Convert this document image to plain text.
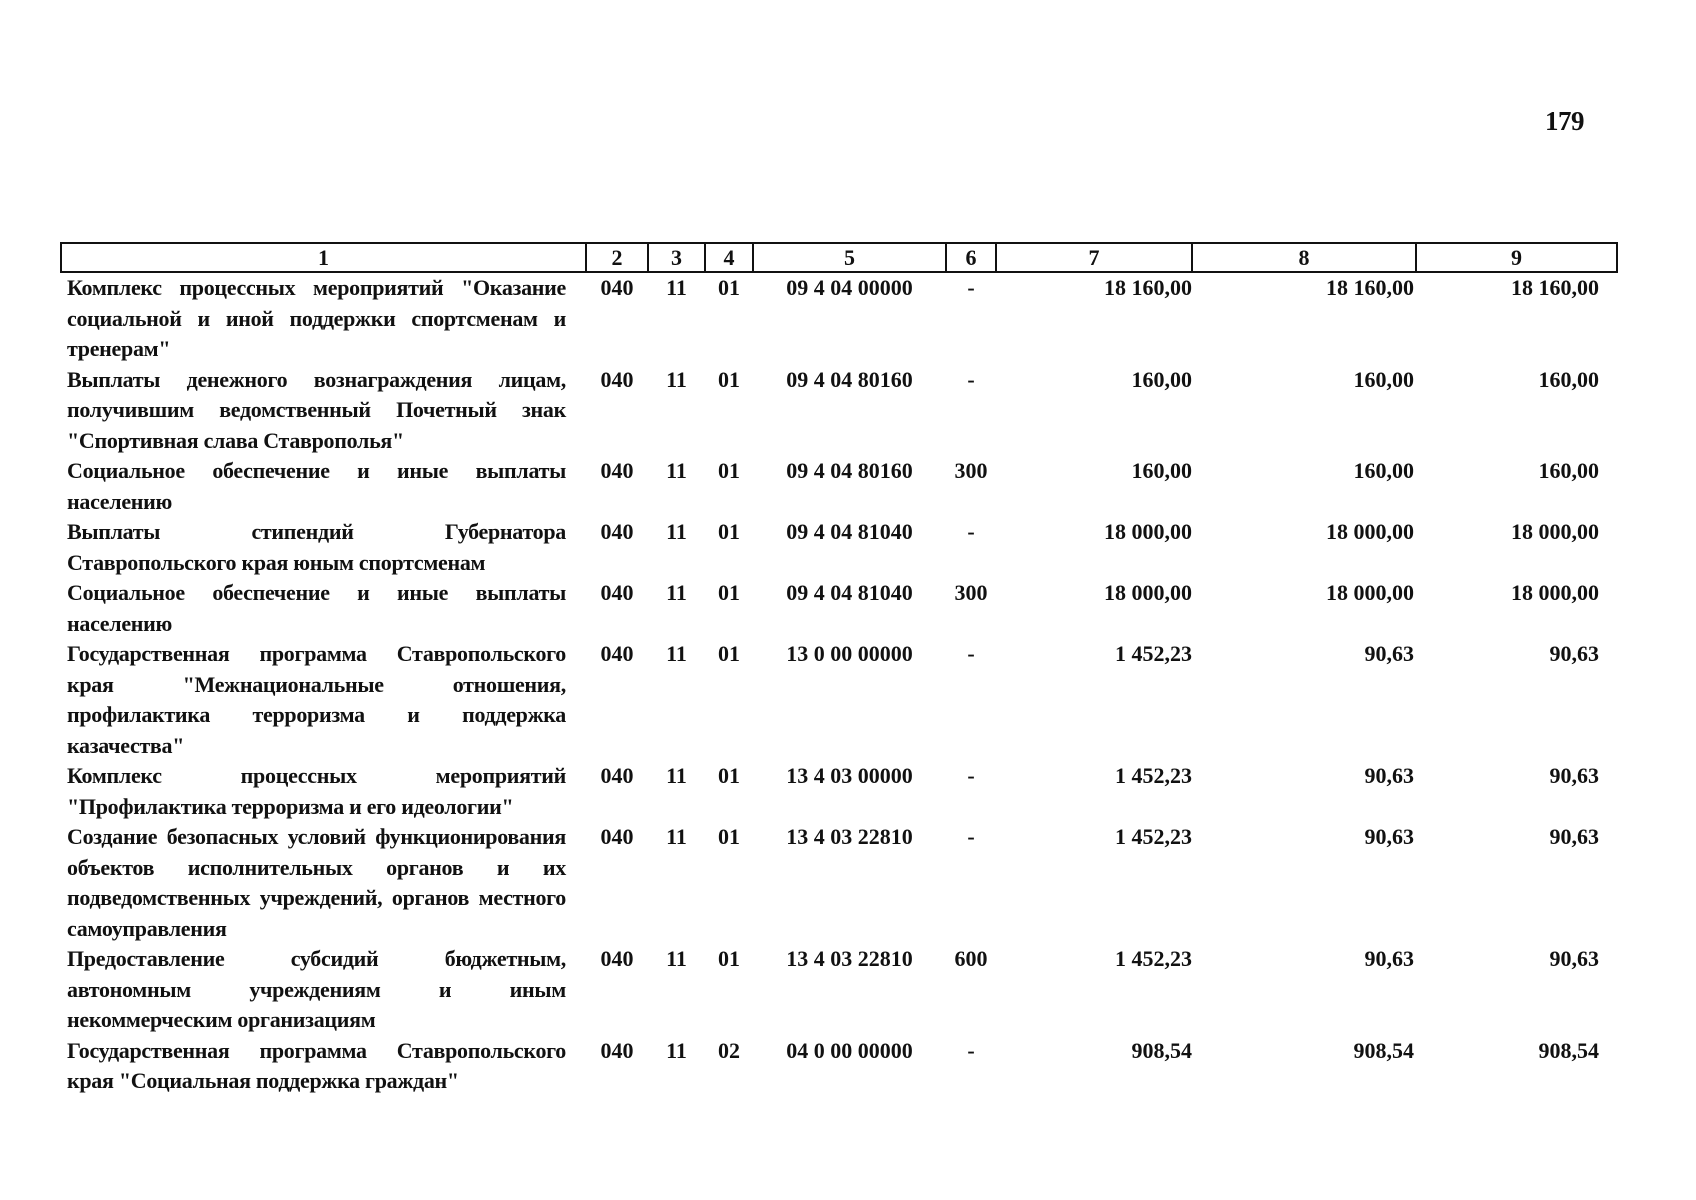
179
1	2	3	4	5	6	7	8	9
Комплекс процессных мероприятий "Оказание социальной и иной поддержки спортсменам и тренерам"	040	11	01	09 4 04 00000	-	18 160,00	18 160,00	18 160,00
Выплаты денежного вознаграждения лицам, получившим ведомственный Почетный знак "Спортивная слава Ставрополья"	040	11	01	09 4 04 80160	-	160,00	160,00	160,00
Социальное обеспечение и иные выплаты населению	040	11	01	09 4 04 80160	300	160,00	160,00	160,00
Выплаты стипендий Губернатора Ставропольского края юным спортсменам	040	11	01	09 4 04 81040	-	18 000,00	18 000,00	18 000,00
Социальное обеспечение и иные выплаты населению	040	11	01	09 4 04 81040	300	18 000,00	18 000,00	18 000,00
Государственная программа Ставропольского края "Межнациональные отношения, профилактика терроризма и поддержка казачества"	040	11	01	13 0 00 00000	-	1 452,23	90,63	90,63
Комплекс процессных мероприятий "Профилактика терроризма и его идеологии"	040	11	01	13 4 03 00000	-	1 452,23	90,63	90,63
Создание безопасных условий функционирования объектов исполнительных органов и их подведомственных учреждений, органов местного самоуправления	040	11	01	13 4 03 22810	-	1 452,23	90,63	90,63
Предоставление субсидий бюджетным, автономным учреждениям и иным некоммерческим организациям	040	11	01	13 4 03 22810	600	1 452,23	90,63	90,63
Государственная программа Ставропольского края "Социальная поддержка граждан"	040	11	02	04 0 00 00000	-	908,54	908,54	908,54
